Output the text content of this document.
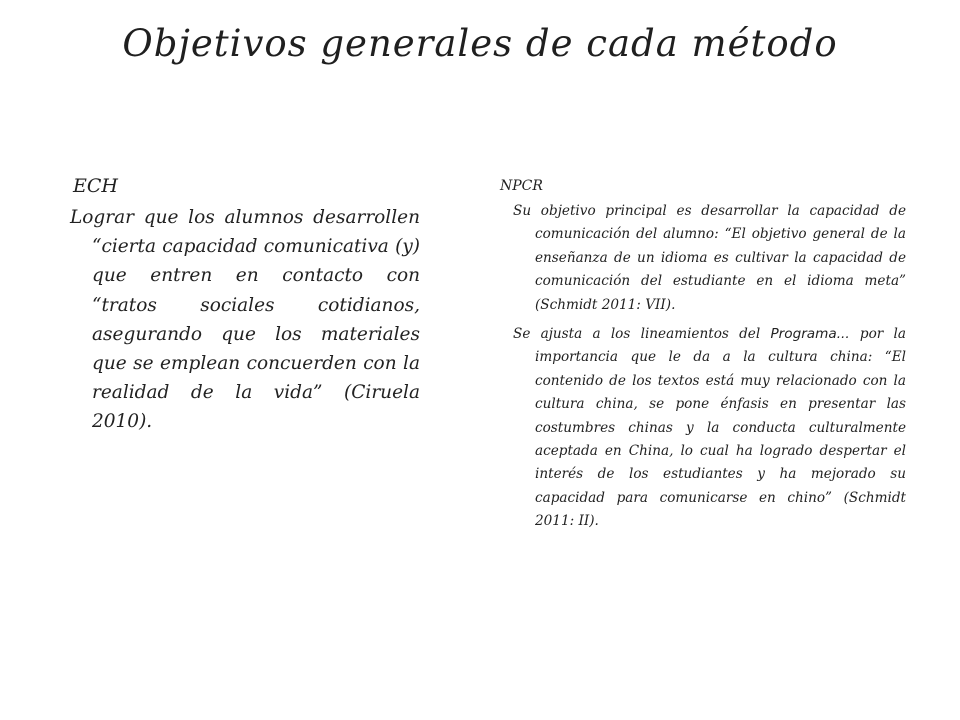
Objetivos generales de cada método

ECH

Lograr que los alumnos desarrollen “cierta capacidad comunicativa (y) que entren en contacto con “tratos sociales cotidianos, asegurando que los materiales que se emplean concuerden con la realidad de la vida” (Ciruela 2010).

NPCR

Su objetivo principal es desarrollar la capacidad de comunicación del alumno: “El objetivo general de la enseñanza de un idioma es cultivar la capacidad de comunicación del estudiante en el idioma meta” (Schmidt 2011: VII).

Se ajusta a los lineamientos del Programa... por la importancia que le da a la cultura china: “El contenido de los textos está muy relacionado con la cultura china, se pone énfasis en presentar las costumbres chinas y la conducta culturalmente aceptada en China, lo cual ha logrado despertar el interés de los estudiantes y ha mejorado su capacidad para comunicarse en chino” (Schmidt 2011: II).
